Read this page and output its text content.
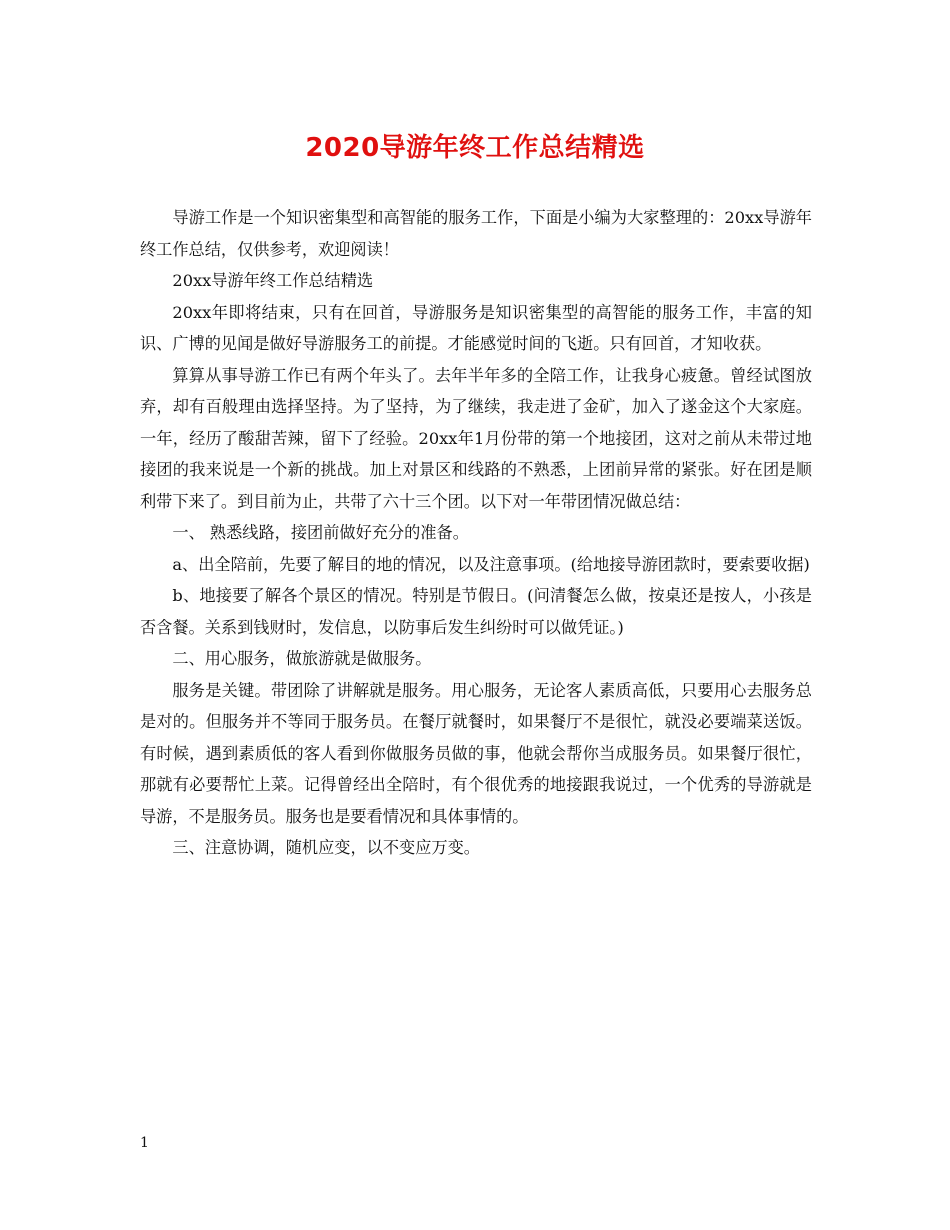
2020导游年终工作总结精选

导游工作是一个知识密集型和高智能的服务工作，下面是小编为大家整理的：20xx导游年终工作总结，仅供参考，欢迎阅读！

20xx导游年终工作总结精选

20xx年即将结束，只有在回首，导游服务是知识密集型的高智能的服务工作，丰富的知识、广博的见闻是做好导游服务工的前提。才能感觉时间的飞逝。只有回首，才知收获。

算算从事导游工作已有两个年头了。去年半年多的全陪工作，让我身心疲惫。曾经试图放弃，却有百般理由选择坚持。为了坚持，为了继续，我走进了金矿，加入了遂金这个大家庭。一年，经历了酸甜苦辣，留下了经验。20xx年1月份带的第一个地接团，这对之前从未带过地接团的我来说是一个新的挑战。加上对景区和线路的不熟悉，上团前异常的紧张。好在团是顺利带下来了。到目前为止，共带了六十三个团。以下对一年带团情况做总结：

一、 熟悉线路，接团前做好充分的准备。

a、出全陪前，先要了解目的地的情况，以及注意事项。(给地接导游团款时，要索要收据)

b、地接要了解各个景区的情况。特别是节假日。(问清餐怎么做，按桌还是按人，小孩是否含餐。关系到钱财时，发信息，以防事后发生纠纷时可以做凭证。)

二、用心服务，做旅游就是做服务。

服务是关键。带团除了讲解就是服务。用心服务，无论客人素质高低，只要用心去服务总是对的。但服务并不等同于服务员。在餐厅就餐时，如果餐厅不是很忙，就没必要端菜送饭。有时候，遇到素质低的客人看到你做服务员做的事，他就会帮你当成服务员。如果餐厅很忙，那就有必要帮忙上菜。记得曾经出全陪时，有个很优秀的地接跟我说过，一个优秀的导游就是导游，不是服务员。服务也是要看情况和具体事情的。

三、注意协调，随机应变，以不变应万变。

1
